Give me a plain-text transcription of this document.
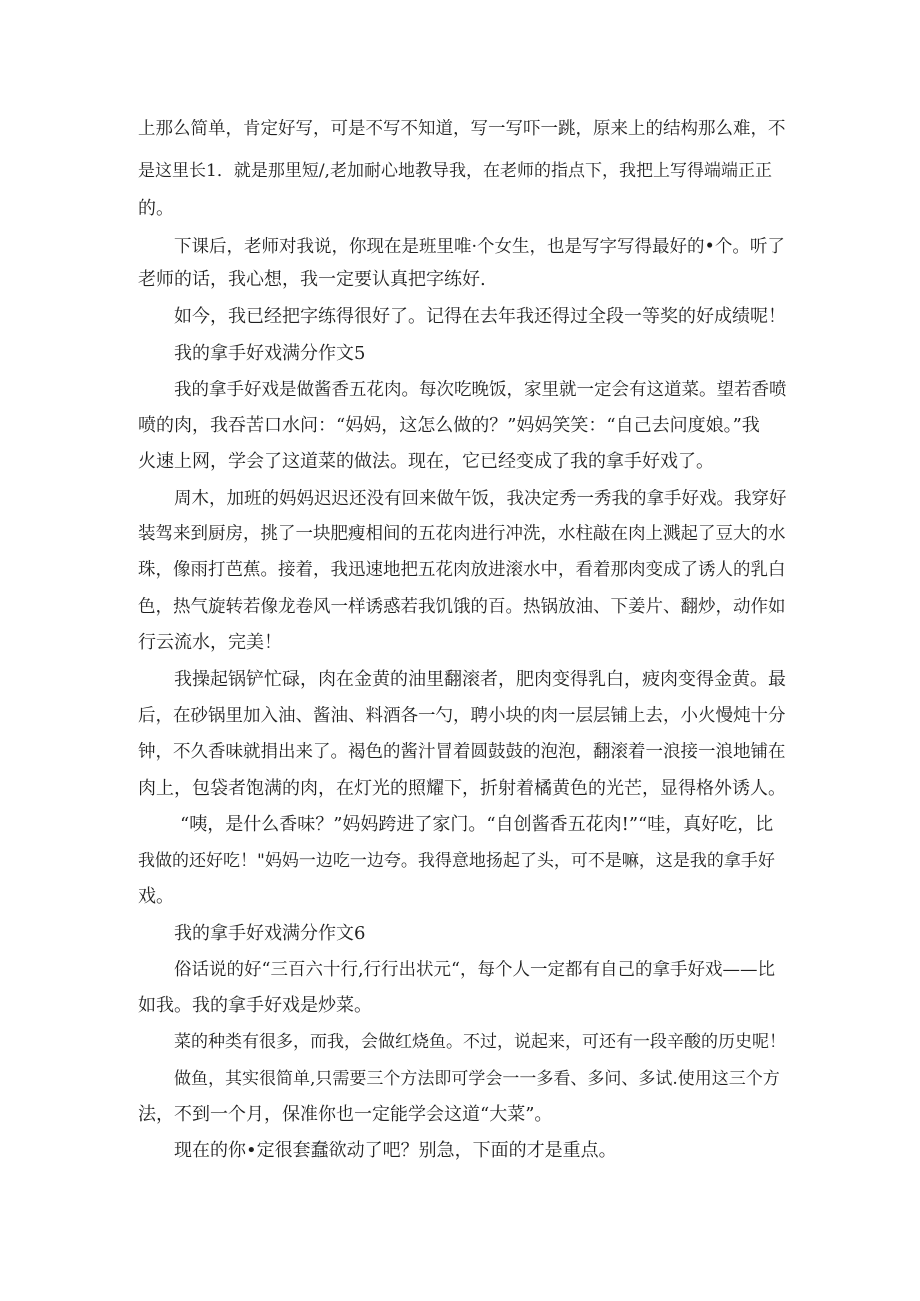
上那么简单，肯定好写，可是不写不知道，写一写吓一跳，原来上的结构那么难，不

是这里长1．就是那里短/,老加耐心地教导我，在老师的指点下，我把上写得端端正正

的。

下课后，老师对我说，你现在是班里唯·个女生，也是写字写得最好的•个。听了

老师的话，我心想，我一定要认真把字练好.

如今，我已经把字练得很好了。记得在去年我还得过全段一等奖的好成绩呢！

我的拿手好戏满分作文5

我的拿手好戏是做酱香五花肉。每次吃晚饭，家里就一定会有这道菜。望若香喷

喷的肉，我吞苦口水问：“妈妈，这怎么做的？”妈妈笑笑：“自己去问度娘。”我

火速上网，学会了这道菜的做法。现在，它已经变成了我的拿手好戏了。

周木，加班的妈妈迟迟还没有回来做午饭，我决定秀一秀我的拿手好戏。我穿好

装驾来到厨房，挑了一块肥瘦相间的五花肉进行冲洗，水柱敲在肉上溅起了豆大的水

珠，像雨打芭蕉。接着，我迅速地把五花肉放进滚水中，看着那肉变成了诱人的乳白

色，热气旋转若像龙卷风一样诱惑若我饥饿的百。热锅放油、下姜片、翻炒，动作如

行云流水，完美！

我操起锅铲忙碌，肉在金黄的油里翻滚者，肥肉变得乳白，疲肉变得金黄。最

后，在砂锅里加入油、酱油、料酒各一勺，聘小块的肉一层层铺上去，小火慢炖十分

钟，不久香味就捐出来了。褐色的酱汁冒着圆鼓鼓的泡泡，翻滚着一浪接一浪地铺在

肉上，包袋者饱满的肉，在灯光的照耀下，折射着橘黄色的光芒，显得格外诱人。

“咦，是什么香味？”妈妈跨进了家门。“自创酱香五花肉!”“哇，真好吃，比

我做的还好吃！"妈妈一边吃一边夸。我得意地扬起了头，可不是嘛，这是我的拿手好

戏。

我的拿手好戏满分作文6

俗话说的好“三百六十行,行行出状元“，每个人一定都有自己的拿手好戏——比

如我。我的拿手好戏是炒菜。

菜的种类有很多，而我，会做红烧鱼。不过，说起来，可还有一段辛酸的历史呢！

做鱼，其实很简单,只需要三个方法即可学会一一多看、多问、多试.使用这三个方

法，不到一个月，保准你也一定能学会这道“大菜”。

现在的你•定很套蠢欲动了吧？别急，下面的才是重点。
